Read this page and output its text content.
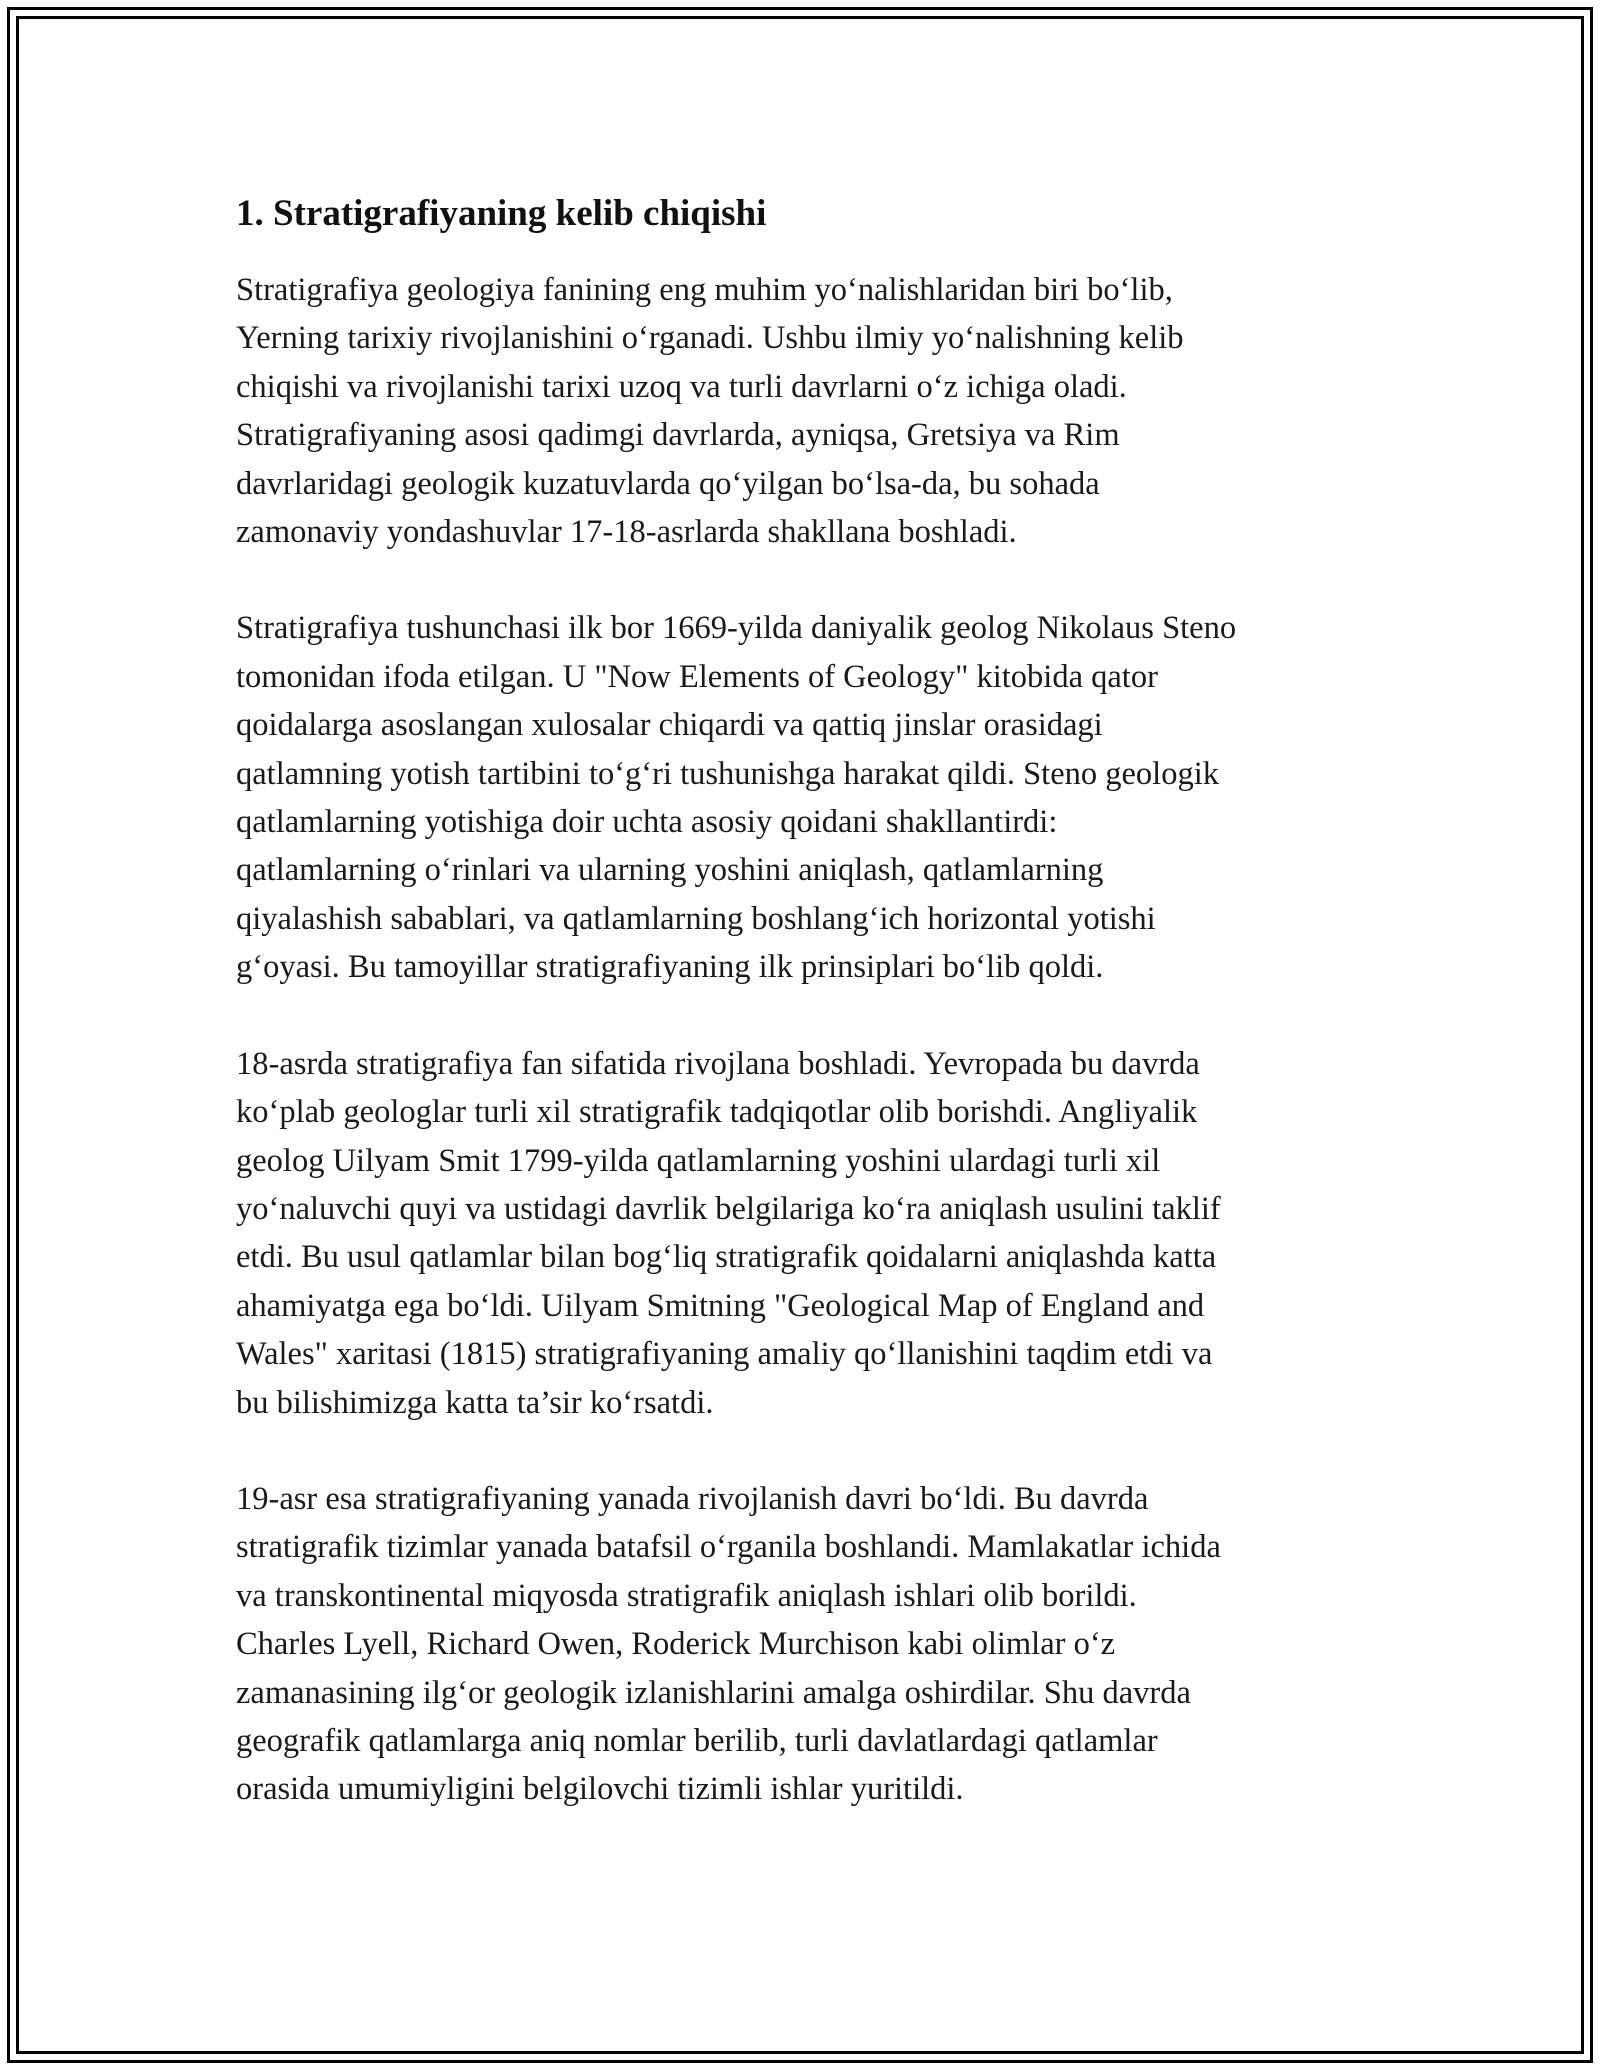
1. Stratigrafiyaning kelib chiqishi

Stratigrafiya geologiya fanining eng muhim yo‘nalishlaridan biri bo‘lib,
Yerning tarixiy rivojlanishini o‘rganadi. Ushbu ilmiy yo‘nalishning kelib
chiqishi va rivojlanishi tarixi uzoq va turli davrlarni o‘z ichiga oladi.
Stratigrafiyaning asosi qadimgi davrlarda, ayniqsa, Gretsiya va Rim
davrlaridagi geologik kuzatuvlarda qo‘yilgan bo‘lsa-da, bu sohada
zamonaviy yondashuvlar 17-18-asrlarda shakllana boshladi.

Stratigrafiya tushunchasi ilk bor 1669-yilda daniyalik geolog Nikolaus Steno
tomonidan ifoda etilgan. U "Now Elements of Geology" kitobida qator
qoidalarga asoslangan xulosalar chiqardi va qattiq jinslar orasidagi
qatlamning yotish tartibini to‘g‘ri tushunishga harakat qildi. Steno geologik
qatlamlarning yotishiga doir uchta asosiy qoidani shakllantirdi:
qatlamlarning o‘rinlari va ularning yoshini aniqlash, qatlamlarning
qiyalashish sabablari, va qatlamlarning boshlang‘ich horizontal yotishi
g‘oyasi. Bu tamoyillar stratigrafiyaning ilk prinsiplari bo‘lib qoldi.

18-asrda stratigrafiya fan sifatida rivojlana boshladi. Yevropada bu davrda
ko‘plab geologlar turli xil stratigrafik tadqiqotlar olib borishdi. Angliyalik
geolog Uilyam Smit 1799-yilda qatlamlarning yoshini ulardagi turli xil
yo‘naluvchi quyi va ustidagi davrlik belgilariga ko‘ra aniqlash usulini taklif
etdi. Bu usul qatlamlar bilan bog‘liq stratigrafik qoidalarni aniqlashda katta
ahamiyatga ega bo‘ldi. Uilyam Smitning "Geological Map of England and
Wales" xaritasi (1815) stratigrafiyaning amaliy qo‘llanishini taqdim etdi va
bu bilishimizga katta ta’sir ko‘rsatdi.

19-asr esa stratigrafiyaning yanada rivojlanish davri bo‘ldi. Bu davrda
stratigrafik tizimlar yanada batafsil o‘rganila boshlandi. Mamlakatlar ichida
va transkontinental miqyosda stratigrafik aniqlash ishlari olib borildi.
Charles Lyell, Richard Owen, Roderick Murchison kabi olimlar o‘z
zamanasining ilg‘or geologik izlanishlarini amalga oshirdilar. Shu davrda
geografik qatlamlarga aniq nomlar berilib, turli davlatlardagi qatlamlar
orasida umumiyligini belgilovchi tizimli ishlar yuritildi.
